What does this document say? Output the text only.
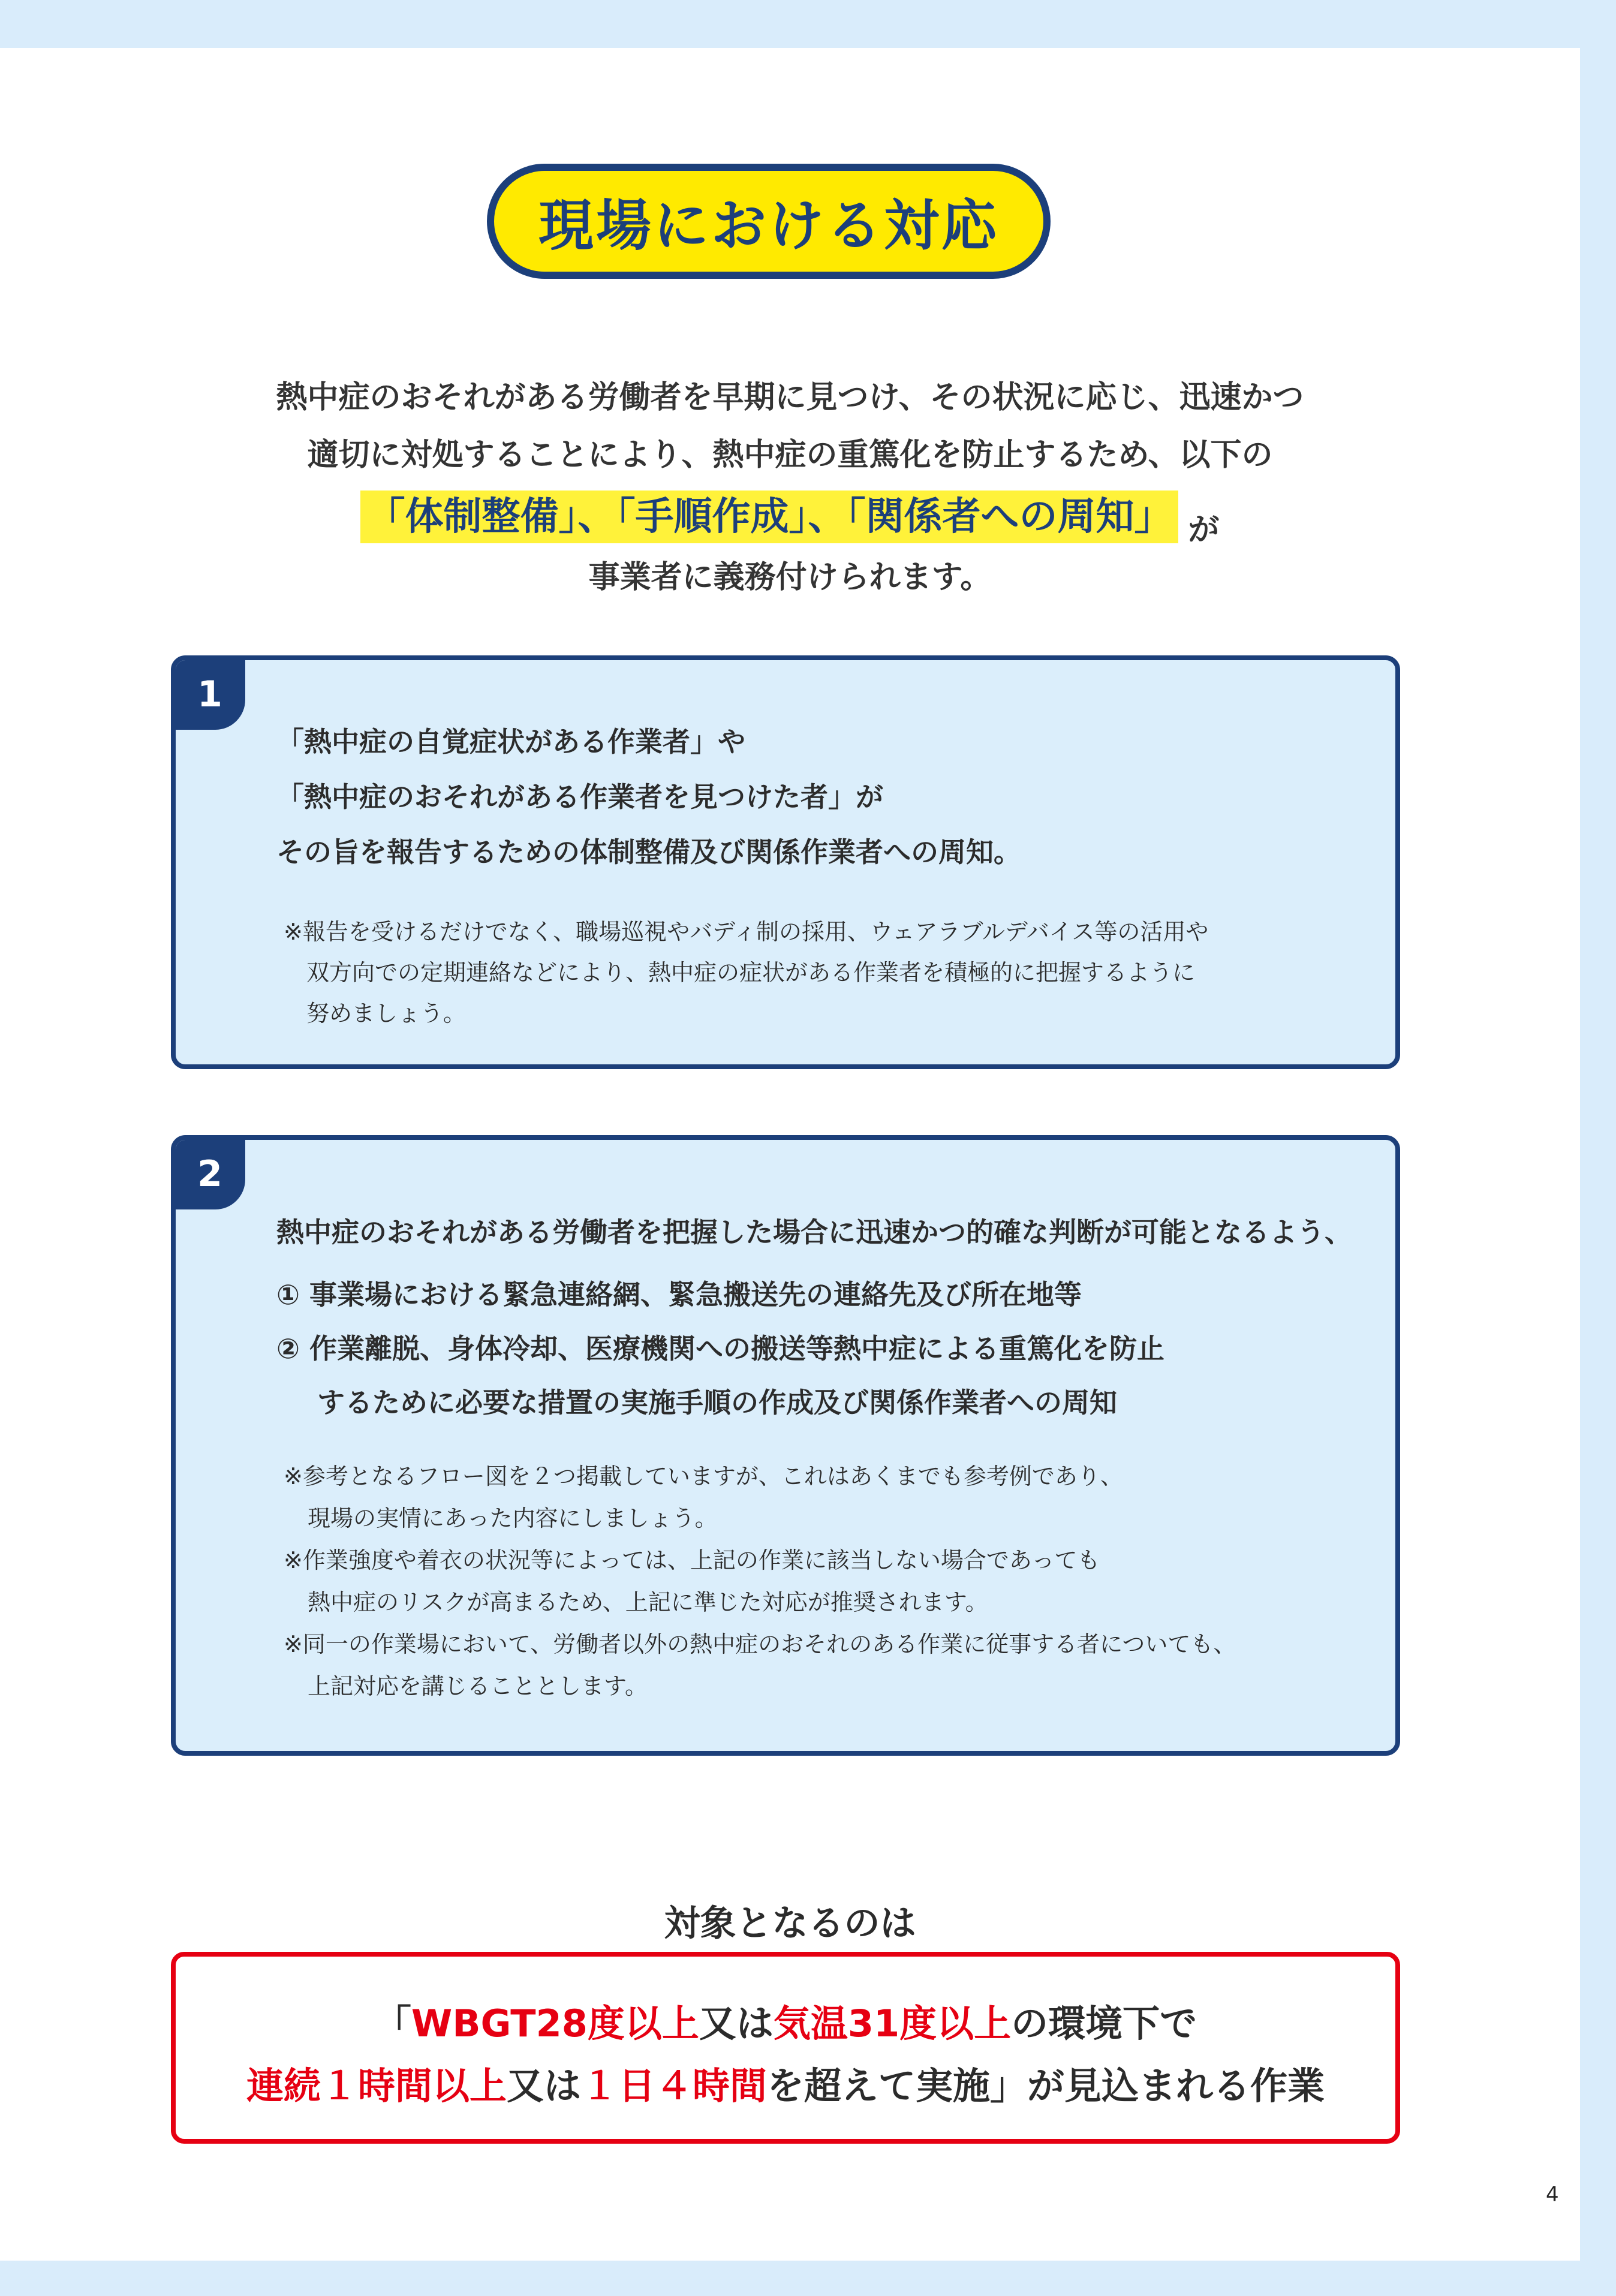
現場における対応
熱中症のおそれがある労働者を早期に見つけ、その状況に応じ、迅速かつ
適切に対処することにより、熱中症の重篤化を防止するため、以下の
「体制整備」、「手順作成」、「関係者への周知」 が
事業者に義務付けられます。
1
「熱中症の自覚症状がある作業者」や
「熱中症のおそれがある作業者を見つけた者」が
その旨を報告するための体制整備及び関係作業者への周知。
※報告を受けるだけでなく、職場巡視やバディ制の採用、ウェアラブルデバイス等の活用や
双方向での定期連絡などにより、熱中症の症状がある作業者を積極的に把握するように
努めましょう。
2
熱中症のおそれがある労働者を把握した場合に迅速かつ的確な判断が可能となるよう、
① 事業場における緊急連絡網、緊急搬送先の連絡先及び所在地等
② 作業離脱、身体冷却、医療機関への搬送等熱中症による重篤化を防止
するために必要な措置の実施手順の作成及び関係作業者への周知
※参考となるフロー図を２つ掲載していますが、これはあくまでも参考例であり、
現場の実情にあった内容にしましょう。
※作業強度や着衣の状況等によっては、上記の作業に該当しない場合であっても
熱中症のリスクが高まるため、上記に準じた対応が推奨されます。
※同一の作業場において、労働者以外の熱中症のおそれのある作業に従事する者についても、
上記対応を講じることとします。
対象となるのは
「WBGT28度以上又は気温31度以上の環境下で
連続１時間以上又は１日４時間を超えて実施」が見込まれる作業
4
